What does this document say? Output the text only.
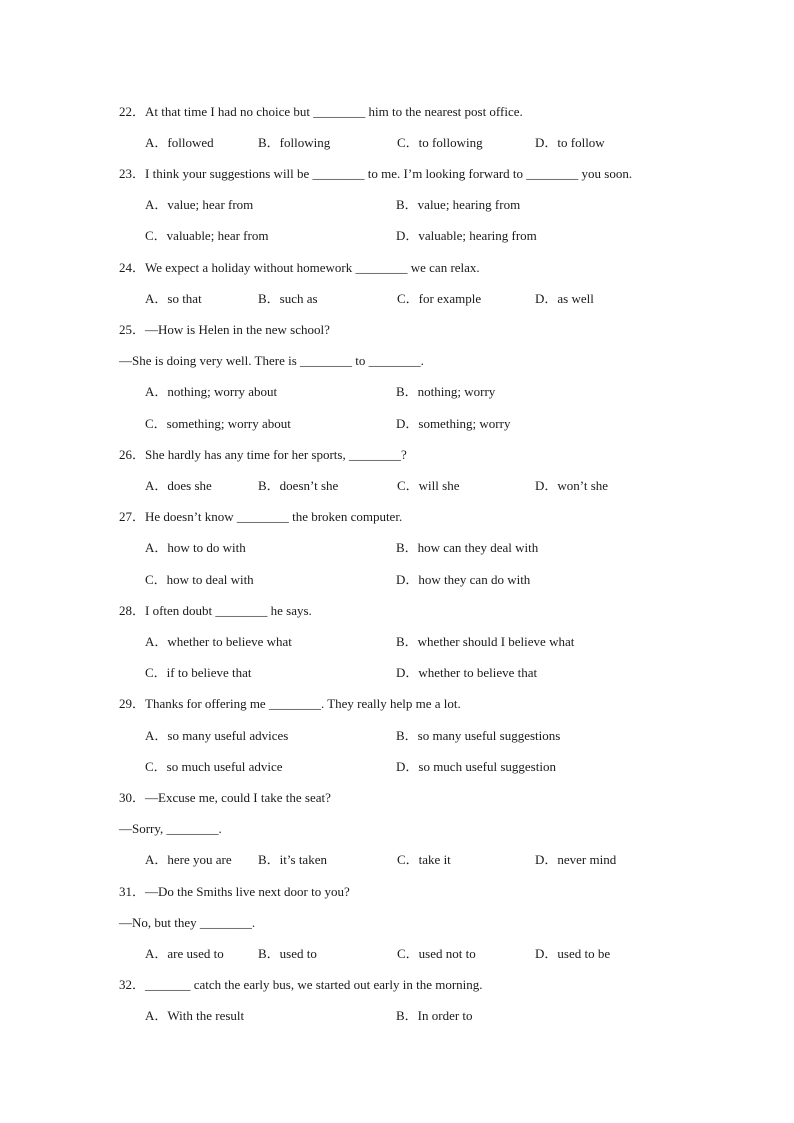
22．At that time I had no choice but ________ him to the nearest post office.
A．followed	B．following	C．to following	D．to follow
23．I think your suggestions will be ________ to me. I’m looking forward to ________ you soon.
A．value; hear from	B．value; hearing from
C．valuable; hear from	D．valuable; hearing from
24．We expect a holiday without homework ________ we can relax.
A．so that	B．such as	C．for example	D．as well
25．—How is Helen in the new school?
—She is doing very well. There is ________ to ________.
A．nothing; worry about	B．nothing; worry
C．something; worry about	D．something; worry
26．She hardly has any time for her sports, ________?
A．does she	B．doesn’t she	C．will she	D．won’t she
27．He doesn’t know ________ the broken computer.
A．how to do with	B．how can they deal with
C．how to deal with	D．how they can do with
28．I often doubt ________ he says.
A．whether to believe what	B．whether should I believe what
C．if to believe that	D．whether to believe that
29．Thanks for offering me ________. They really help me a lot.
A．so many useful advices	B．so many useful suggestions
C．so much useful advice	D．so much useful suggestion
30．—Excuse me, could I take the seat?
—Sorry, ________.
A．here you are B．it’s taken	C．take it	D．never mind
31．—Do the Smiths live next door to you?
—No, but they ________.
A．are used to	B．used to	C．used not to	D．used to be
32．_______ catch the early bus, we started out early in the morning.
A．With the result	B．In order to
